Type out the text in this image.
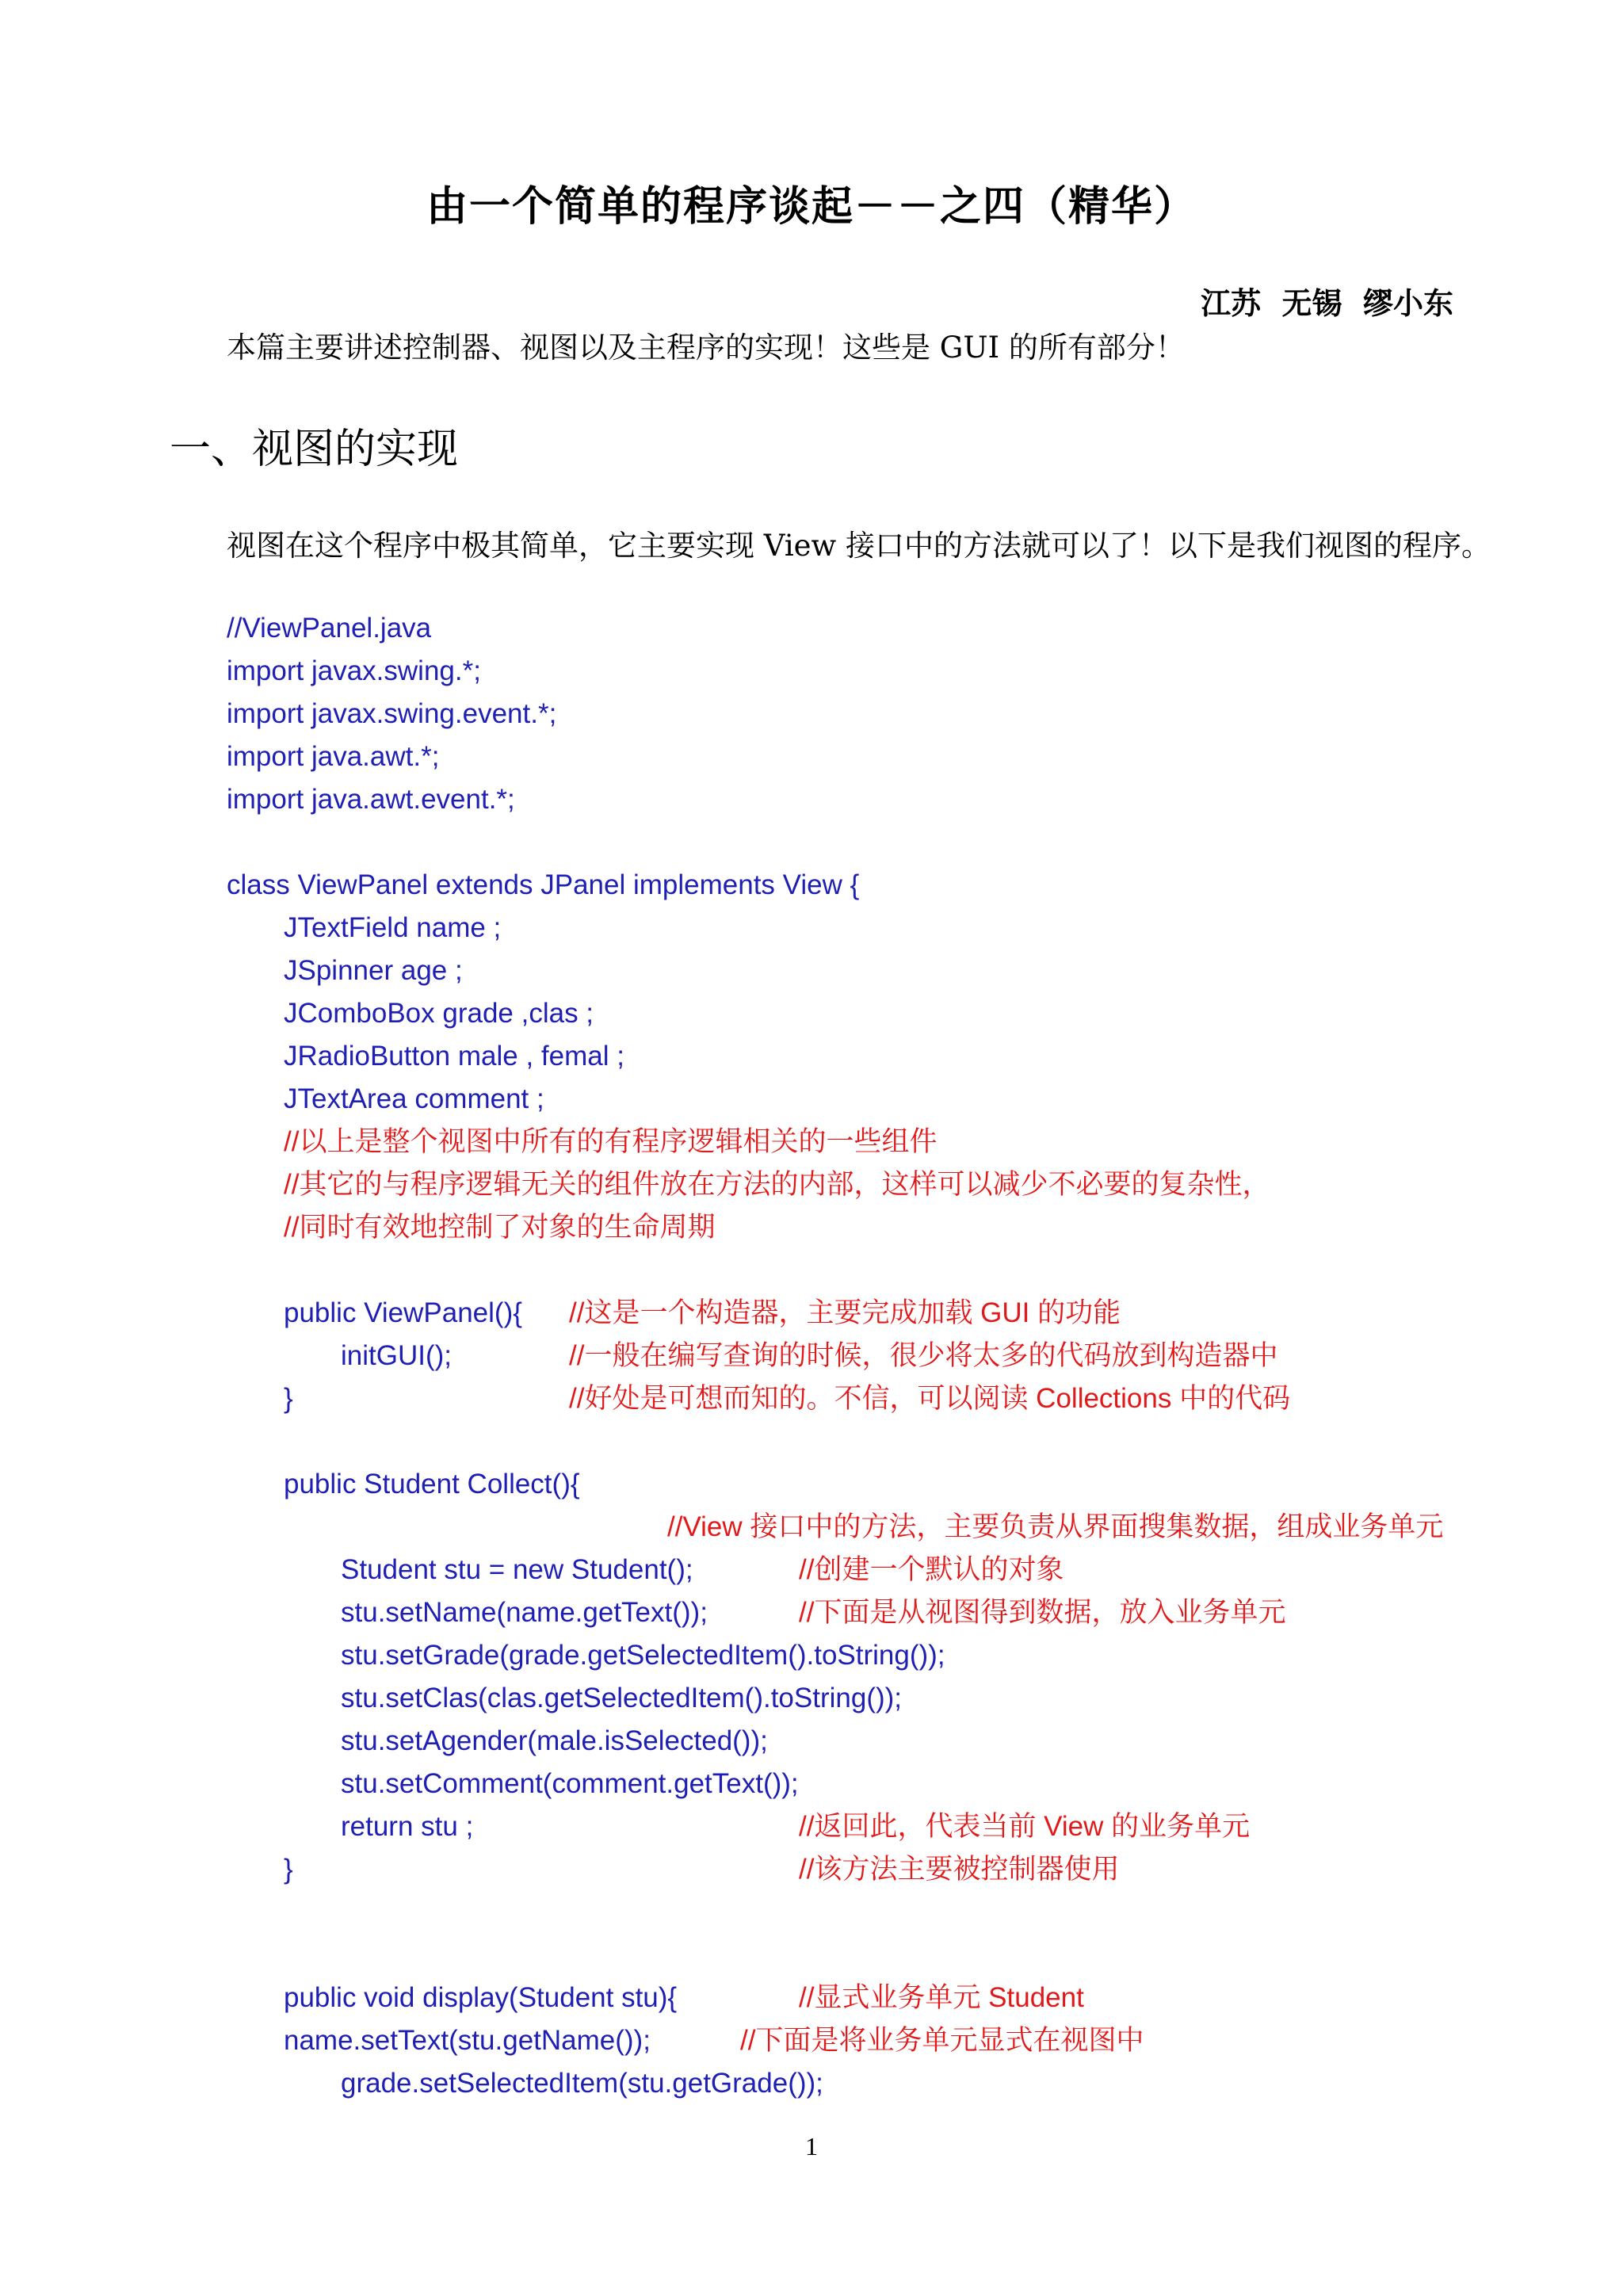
由一个简单的程序谈起－－之四（精华）
江苏  无锡  缪小东
本篇主要讲述控制器、视图以及主程序的实现！这些是 GUI 的所有部分！
一、视图的实现
视图在这个程序中极其简单，它主要实现 View 接口中的方法就可以了！以下是我们视图的程序。
//ViewPanel.java
import javax.swing.*;
import javax.swing.event.*;
import java.awt.*;
import java.awt.event.*;
class ViewPanel extends JPanel implements View {
JTextField name ;
JSpinner age ;
JComboBox grade ,clas ;
JRadioButton male , femal ;
JTextArea comment ;
//以上是整个视图中所有的有程序逻辑相关的一些组件
//其它的与程序逻辑无关的组件放在方法的内部，这样可以减少不必要的复杂性，
//同时有效地控制了对象的生命周期
public ViewPanel(){ //这是一个构造器，主要完成加载 GUI 的功能
initGUI();	//一般在编写查询的时候，很少将太多的代码放到构造器中
}	//好处是可想而知的。不信，可以阅读 Collections 中的代码
public Student Collect(){
//View 接口中的方法，主要负责从界面搜集数据，组成业务单元
Student stu = new Student();	//创建一个默认的对象
stu.setName(name.getText());	//下面是从视图得到数据，放入业务单元
stu.setGrade(grade.getSelectedItem().toString());
stu.setClas(clas.getSelectedItem().toString());
stu.setAgender(male.isSelected());
stu.setComment(comment.getText());
return stu ;	//返回此，代表当前 View 的业务单元
}	//该方法主要被控制器使用
public void display(Student stu){	//显式业务单元 Student
name.setText(stu.getName());	//下面是将业务单元显式在视图中
grade.setSelectedItem(stu.getGrade());
1
